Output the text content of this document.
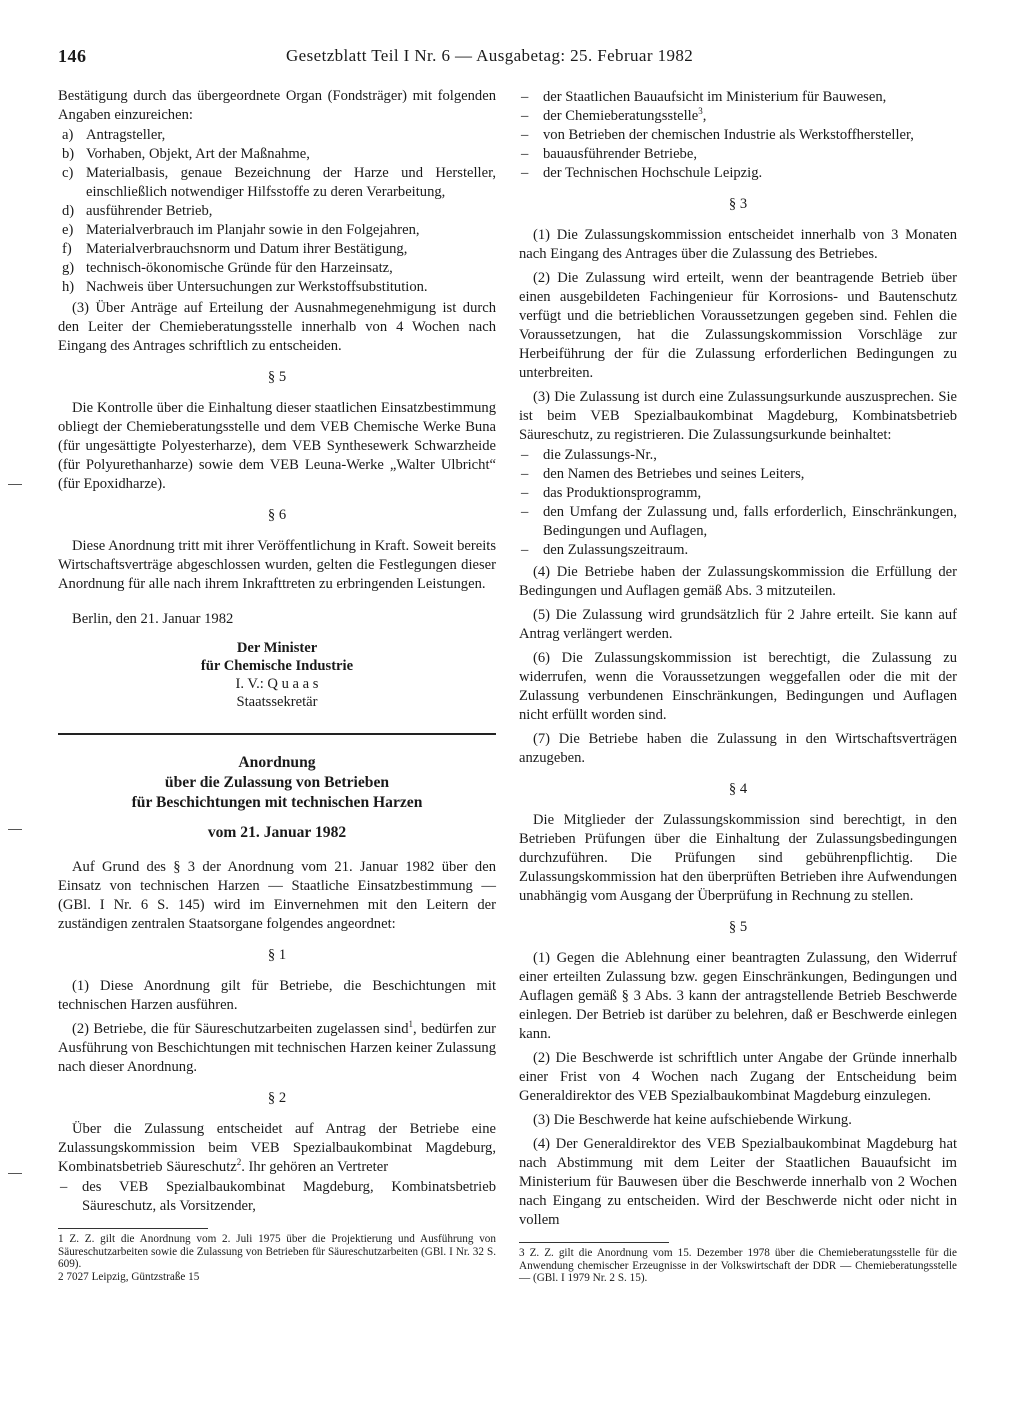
146	Gesetzblatt Teil I Nr. 6 — Ausgabetag: 25. Februar 1982

Bestätigung durch das übergeordnete Organ (Fondsträger) mit folgenden Angaben einzureichen:

a) Antragsteller,
b) Vorhaben, Objekt, Art der Maßnahme,
c) Materialbasis, genaue Bezeichnung der Harze und Hersteller, einschließlich notwendiger Hilfsstoffe zu deren Verarbeitung,
d) ausführender Betrieb,
e) Materialverbrauch im Planjahr sowie in den Folgejahren,
f) Materialverbrauchsnorm und Datum ihrer Bestätigung,
g) technisch-ökonomische Gründe für den Harzeinsatz,
h) Nachweis über Untersuchungen zur Werkstoffsubstitution.

(3) Über Anträge auf Erteilung der Ausnahmegenehmigung ist durch den Leiter der Chemieberatungsstelle innerhalb von 4 Wochen nach Eingang des Antrages schriftlich zu entscheiden.

§ 5

Die Kontrolle über die Einhaltung dieser staatlichen Einsatzbestimmung obliegt der Chemieberatungsstelle und dem VEB Chemische Werke Buna (für ungesättigte Polyesterharze), dem VEB Synthesewerk Schwarzheide (für Polyurethanharze) sowie dem VEB Leuna-Werke „Walter Ulbricht“ (für Epoxidharze).

§ 6

Diese Anordnung tritt mit ihrer Veröffentlichung in Kraft. Soweit bereits Wirtschaftsverträge abgeschlossen wurden, gelten die Festlegungen dieser Anordnung für alle nach ihrem Inkrafttreten zu erbringenden Leistungen.

Berlin, den 21. Januar 1982

Der Minister
für Chemische Industrie
I. V.: Q u a a s
Staatssekretär

Anordnung
über die Zulassung von Betrieben
für Beschichtungen mit technischen Harzen

vom 21. Januar 1982

Auf Grund des § 3 der Anordnung vom 21. Januar 1982 über den Einsatz von technischen Harzen — Staatliche Einsatzbestimmung — (GBl. I Nr. 6 S. 145) wird im Einvernehmen mit den Leitern der zuständigen zentralen Staatsorgane folgendes angeordnet:

§ 1

(1) Diese Anordnung gilt für Betriebe, die Beschichtungen mit technischen Harzen ausführen.

(2) Betriebe, die für Säureschutzarbeiten zugelassen sind$^1$, bedürfen zur Ausführung von Beschichtungen mit technischen Harzen keiner Zulassung nach dieser Anordnung.

§ 2

Über die Zulassung entscheidet auf Antrag der Betriebe eine Zulassungskommission beim VEB Spezialbaukombinat Magdeburg, Kombinatsbetrieb Säureschutz$^2$. Ihr gehören an Vertreter

–	des VEB Spezialbaukombinat Magdeburg, Kombinatsbetrieb Säureschutz, als Vorsitzender,

1 Z. Z. gilt die Anordnung vom 2. Juli 1975 über die Projektierung und Ausführung von Säureschutzarbeiten sowie die Zulassung von Betrieben für Säureschutzarbeiten (GBl. I Nr. 32 S. 609).

2 7027 Leipzig, Güntzstraße 15

–	der Staatlichen Bauaufsicht im Ministerium für Bauwesen,
–	der Chemieberatungsstelle$^3$,
–	von Betrieben der chemischen Industrie als Werkstoffhersteller,
–	bauausführender Betriebe,
–	der Technischen Hochschule Leipzig.

§ 3

(1) Die Zulassungskommission entscheidet innerhalb von 3 Monaten nach Eingang des Antrages über die Zulassung des Betriebes.

(2) Die Zulassung wird erteilt, wenn der beantragende Betrieb über einen ausgebildeten Fachingenieur für Korrosions- und Bautenschutz verfügt und die betrieblichen Voraussetzungen gegeben sind. Fehlen die Voraussetzungen, hat die Zulassungskommission Vorschläge zur Herbeiführung der für die Zulassung erforderlichen Bedingungen zu unterbreiten.

(3) Die Zulassung ist durch eine Zulassungsurkunde auszusprechen. Sie ist beim VEB Spezialbaukombinat Magdeburg, Kombinatsbetrieb Säureschutz, zu registrieren. Die Zulassungsurkunde beinhaltet:

–	die Zulassungs-Nr.,
–	den Namen des Betriebes und seines Leiters,
–	das Produktionsprogramm,
–	den Umfang der Zulassung und, falls erforderlich, Einschränkungen, Bedingungen und Auflagen,
–	den Zulassungszeitraum.

(4) Die Betriebe haben der Zulassungskommission die Erfüllung der Bedingungen und Auflagen gemäß Abs. 3 mitzuteilen.

(5) Die Zulassung wird grundsätzlich für 2 Jahre erteilt. Sie kann auf Antrag verlängert werden.

(6) Die Zulassungskommission ist berechtigt, die Zulassung zu widerrufen, wenn die Voraussetzungen weggefallen oder die mit der Zulassung verbundenen Einschränkungen, Bedingungen und Auflagen nicht erfüllt worden sind.

(7) Die Betriebe haben die Zulassung in den Wirtschaftsverträgen anzugeben.

§ 4

Die Mitglieder der Zulassungskommission sind berechtigt, in den Betrieben Prüfungen über die Einhaltung der Zulassungsbedingungen durchzuführen. Die Prüfungen sind gebührenpflichtig. Die Zulassungskommission hat den überprüften Betrieben ihre Aufwendungen unabhängig vom Ausgang der Überprüfung in Rechnung zu stellen.

§ 5

(1) Gegen die Ablehnung einer beantragten Zulassung, den Widerruf einer erteilten Zulassung bzw. gegen Einschränkungen, Bedingungen und Auflagen gemäß § 3 Abs. 3 kann der antragstellende Betrieb Beschwerde einlegen. Der Betrieb ist darüber zu belehren, daß er Beschwerde einlegen kann.

(2) Die Beschwerde ist schriftlich unter Angabe der Gründe innerhalb einer Frist von 4 Wochen nach Zugang der Entscheidung beim Generaldirektor des VEB Spezialbaukombinat Magdeburg einzulegen.

(3) Die Beschwerde hat keine aufschiebende Wirkung.

(4) Der Generaldirektor des VEB Spezialbaukombinat Magdeburg hat nach Abstimmung mit dem Leiter der Staatlichen Bauaufsicht im Ministerium für Bauwesen über die Beschwerde innerhalb von 2 Wochen nach Eingang zu entscheiden. Wird der Beschwerde nicht oder nicht in vollem

3 Z. Z. gilt die Anordnung vom 15. Dezember 1978 über die Chemieberatungsstelle für die Anwendung chemischer Erzeugnisse in der Volkswirtschaft der DDR — Chemieberatungsstelle — (GBl. I 1979 Nr. 2 S. 15).
